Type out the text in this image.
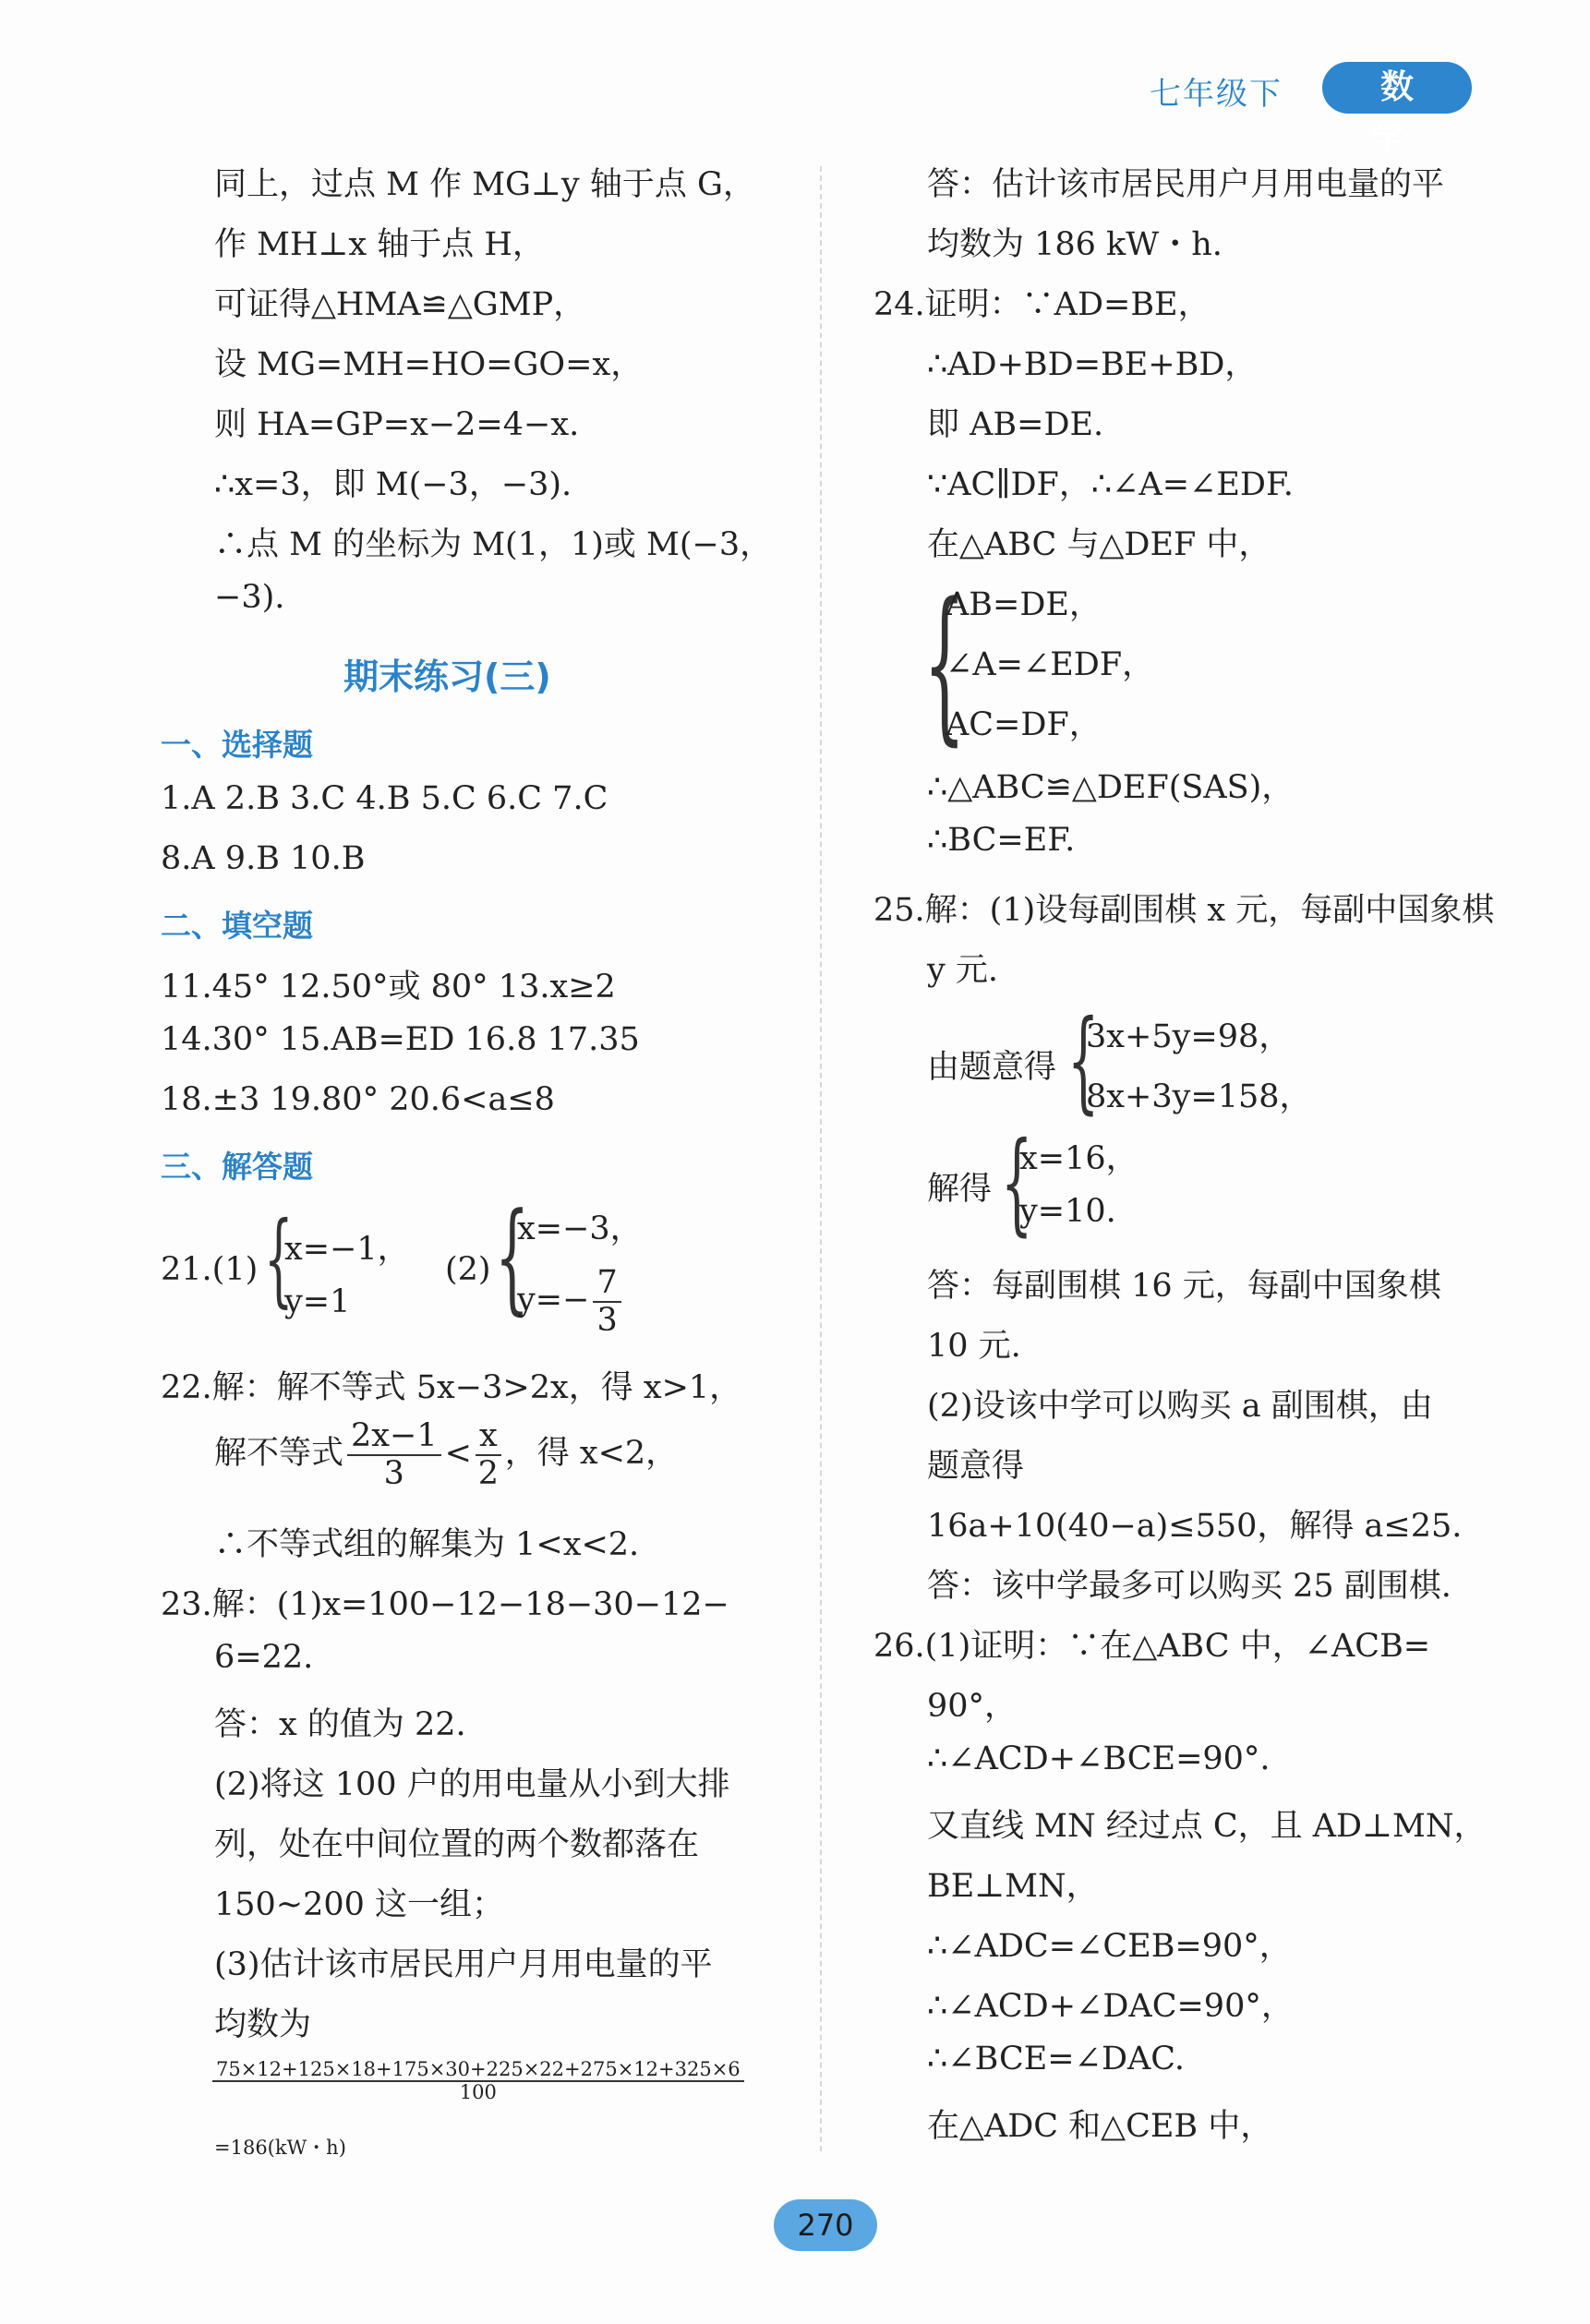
七年级下	数 学
同上，过点 M 作 MG⊥y 轴于点 G，
作 MH⊥x 轴于点 H，
可证得△HMA≌△GMP，
设 MG=MH=HO=GO=x，
则 HA=GP=x−2=4−x.
∴x=3，即 M(−3，−3).
∴点 M 的坐标为 M(1，1)或 M(−3，
−3).
期末练习(三)
一、选择题
1.A 2.B 3.C 4.B 5.C 6.C 7.C
8.A 9.B 10.B
二、填空题
11.45° 12.50°或 80° 13.x≥2
14.30° 15.AB=ED 16.8 17.35
18.±3 19.80° 20.6<a≤8
三、解答题
21.(1) {
x=−1，
y=1
(2) {
x=−3，
$y=- \frac{7}{3}$
22.解：解不等式 5x−3>2x，得 x>1，
解不等式 $\frac{2x-1}{3} < \frac{x}{2}$ ，得 x<2，
∴不等式组的解集为 1<x<2.
23.解：(1)x=100−12−18−30−12−
6=22.
答：x 的值为 22.
(2)将这 100 户的用电量从小到大排
列，处在中间位置的两个数都落在
150~200 这一组；
(3)估计该市居民用户月用电量的平
均数为
$\frac{75\times 12+125\times 18+175\times 30+225\times 22+275\times 12+325\times 6}{100}$
=186(kW・h)
答：估计该市居民用户月用电量的平
均数为 186 kW・h.
24.证明：∵AD=BE，
∴AD+BD=BE+BD，
即 AB=DE.
∵AC∥DF，∴∠A=∠EDF.
在△ABC 与△DEF 中，
{
AB=DE，
∠A=∠EDF，
AC=DF，
∴△ABC≌△DEF(SAS)，
∴BC=EF.
25.解：(1)设每副围棋 x 元，每副中国象棋
y 元.
由题意得 {
3x+5y=98，
8x+3y=158，
解得 {
x=16，
y=10.
答：每副围棋 16 元，每副中国象棋
10 元.
(2)设该中学可以购买 a 副围棋，由
题意得
16a+10(40−a)≤550，解得 a≤25.
答：该中学最多可以购买 25 副围棋.
26.(1)证明：∵在△ABC 中，∠ACB=
90°，
∴∠ACD+∠BCE=90°.
又直线 MN 经过点 C，且 AD⊥MN，
BE⊥MN，
∴∠ADC=∠CEB=90°，
∴∠ACD+∠DAC=90°，
∴∠BCE=∠DAC.
在△ADC 和△CEB 中，
270
